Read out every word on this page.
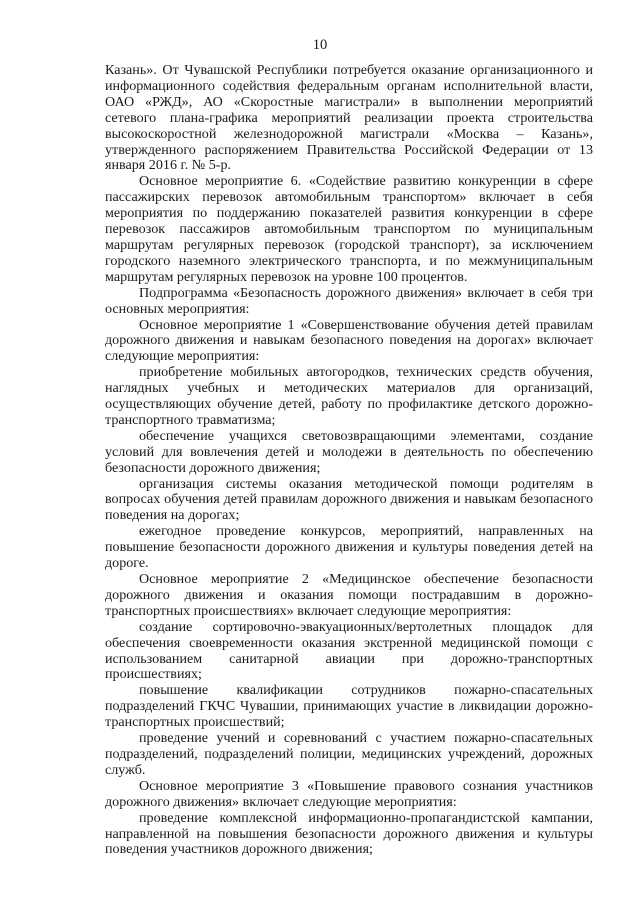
10

Казань». От Чувашской Республики потребуется оказание организационного и информационного содействия федеральным органам исполнительной власти, ОАО «РЖД», АО «Скоростные магистрали» в выполнении мероприятий сетевого плана-графика мероприятий реализации проекта строительства высокоскоростной железнодорожной магистрали «Москва – Казань», утвержденного распоряжением Правительства Российской Федерации от 13 января 2016 г. № 5-р.

Основное мероприятие 6. «Содействие развитию конкуренции в сфере пассажирских перевозок автомобильным транспортом» включает в себя мероприятия по поддержанию показателей развития конкуренции в сфере перевозок пассажиров автомобильным транспортом по муниципальным маршрутам регулярных перевозок (городской транспорт), за исключением городского наземного электрического транспорта, и по межмуниципальным маршрутам регулярных перевозок на уровне 100 процентов.

Подпрограмма «Безопасность дорожного движения» включает в себя три основных мероприятия:

Основное мероприятие 1 «Совершенствование обучения детей правилам дорожного движения и навыкам безопасного поведения на дорогах» включает следующие мероприятия:

приобретение мобильных автогородков, технических средств обучения, наглядных учебных и методических материалов для организаций, осуществляющих обучение детей, работу по профилактике детского дорожно-транспортного травматизма;

обеспечение учащихся световозвращающими элементами, создание условий для вовлечения детей и молодежи в деятельность по обеспечению безопасности дорожного движения;

организация системы оказания методической помощи родителям в вопросах обучения детей правилам дорожного движения и навыкам безопасного поведения на дорогах;

ежегодное проведение конкурсов, мероприятий, направленных на повышение безопасности дорожного движения и культуры поведения детей на дороге.

Основное мероприятие 2 «Медицинское обеспечение безопасности дорожного движения и оказания помощи пострадавшим в дорожно-транспортных происшествиях» включает следующие мероприятия:

создание сортировочно-эвакуационных/вертолетных площадок для обеспечения своевременности оказания экстренной медицинской помощи с использованием санитарной авиации при дорожно-транспортных происшествиях;

повышение квалификации сотрудников пожарно-спасательных подразделений ГКЧС Чувашии, принимающих участие в ликвидации дорожно-транспортных происшествий;

проведение учений и соревнований с участием пожарно-спасательных подразделений, подразделений полиции, медицинских учреждений, дорожных служб.

Основное мероприятие 3 «Повышение правового сознания участников дорожного движения» включает следующие мероприятия:

проведение комплексной информационно-пропагандистской кампании, направленной на повышения безопасности дорожного движения и культуры поведения участников дорожного движения;
